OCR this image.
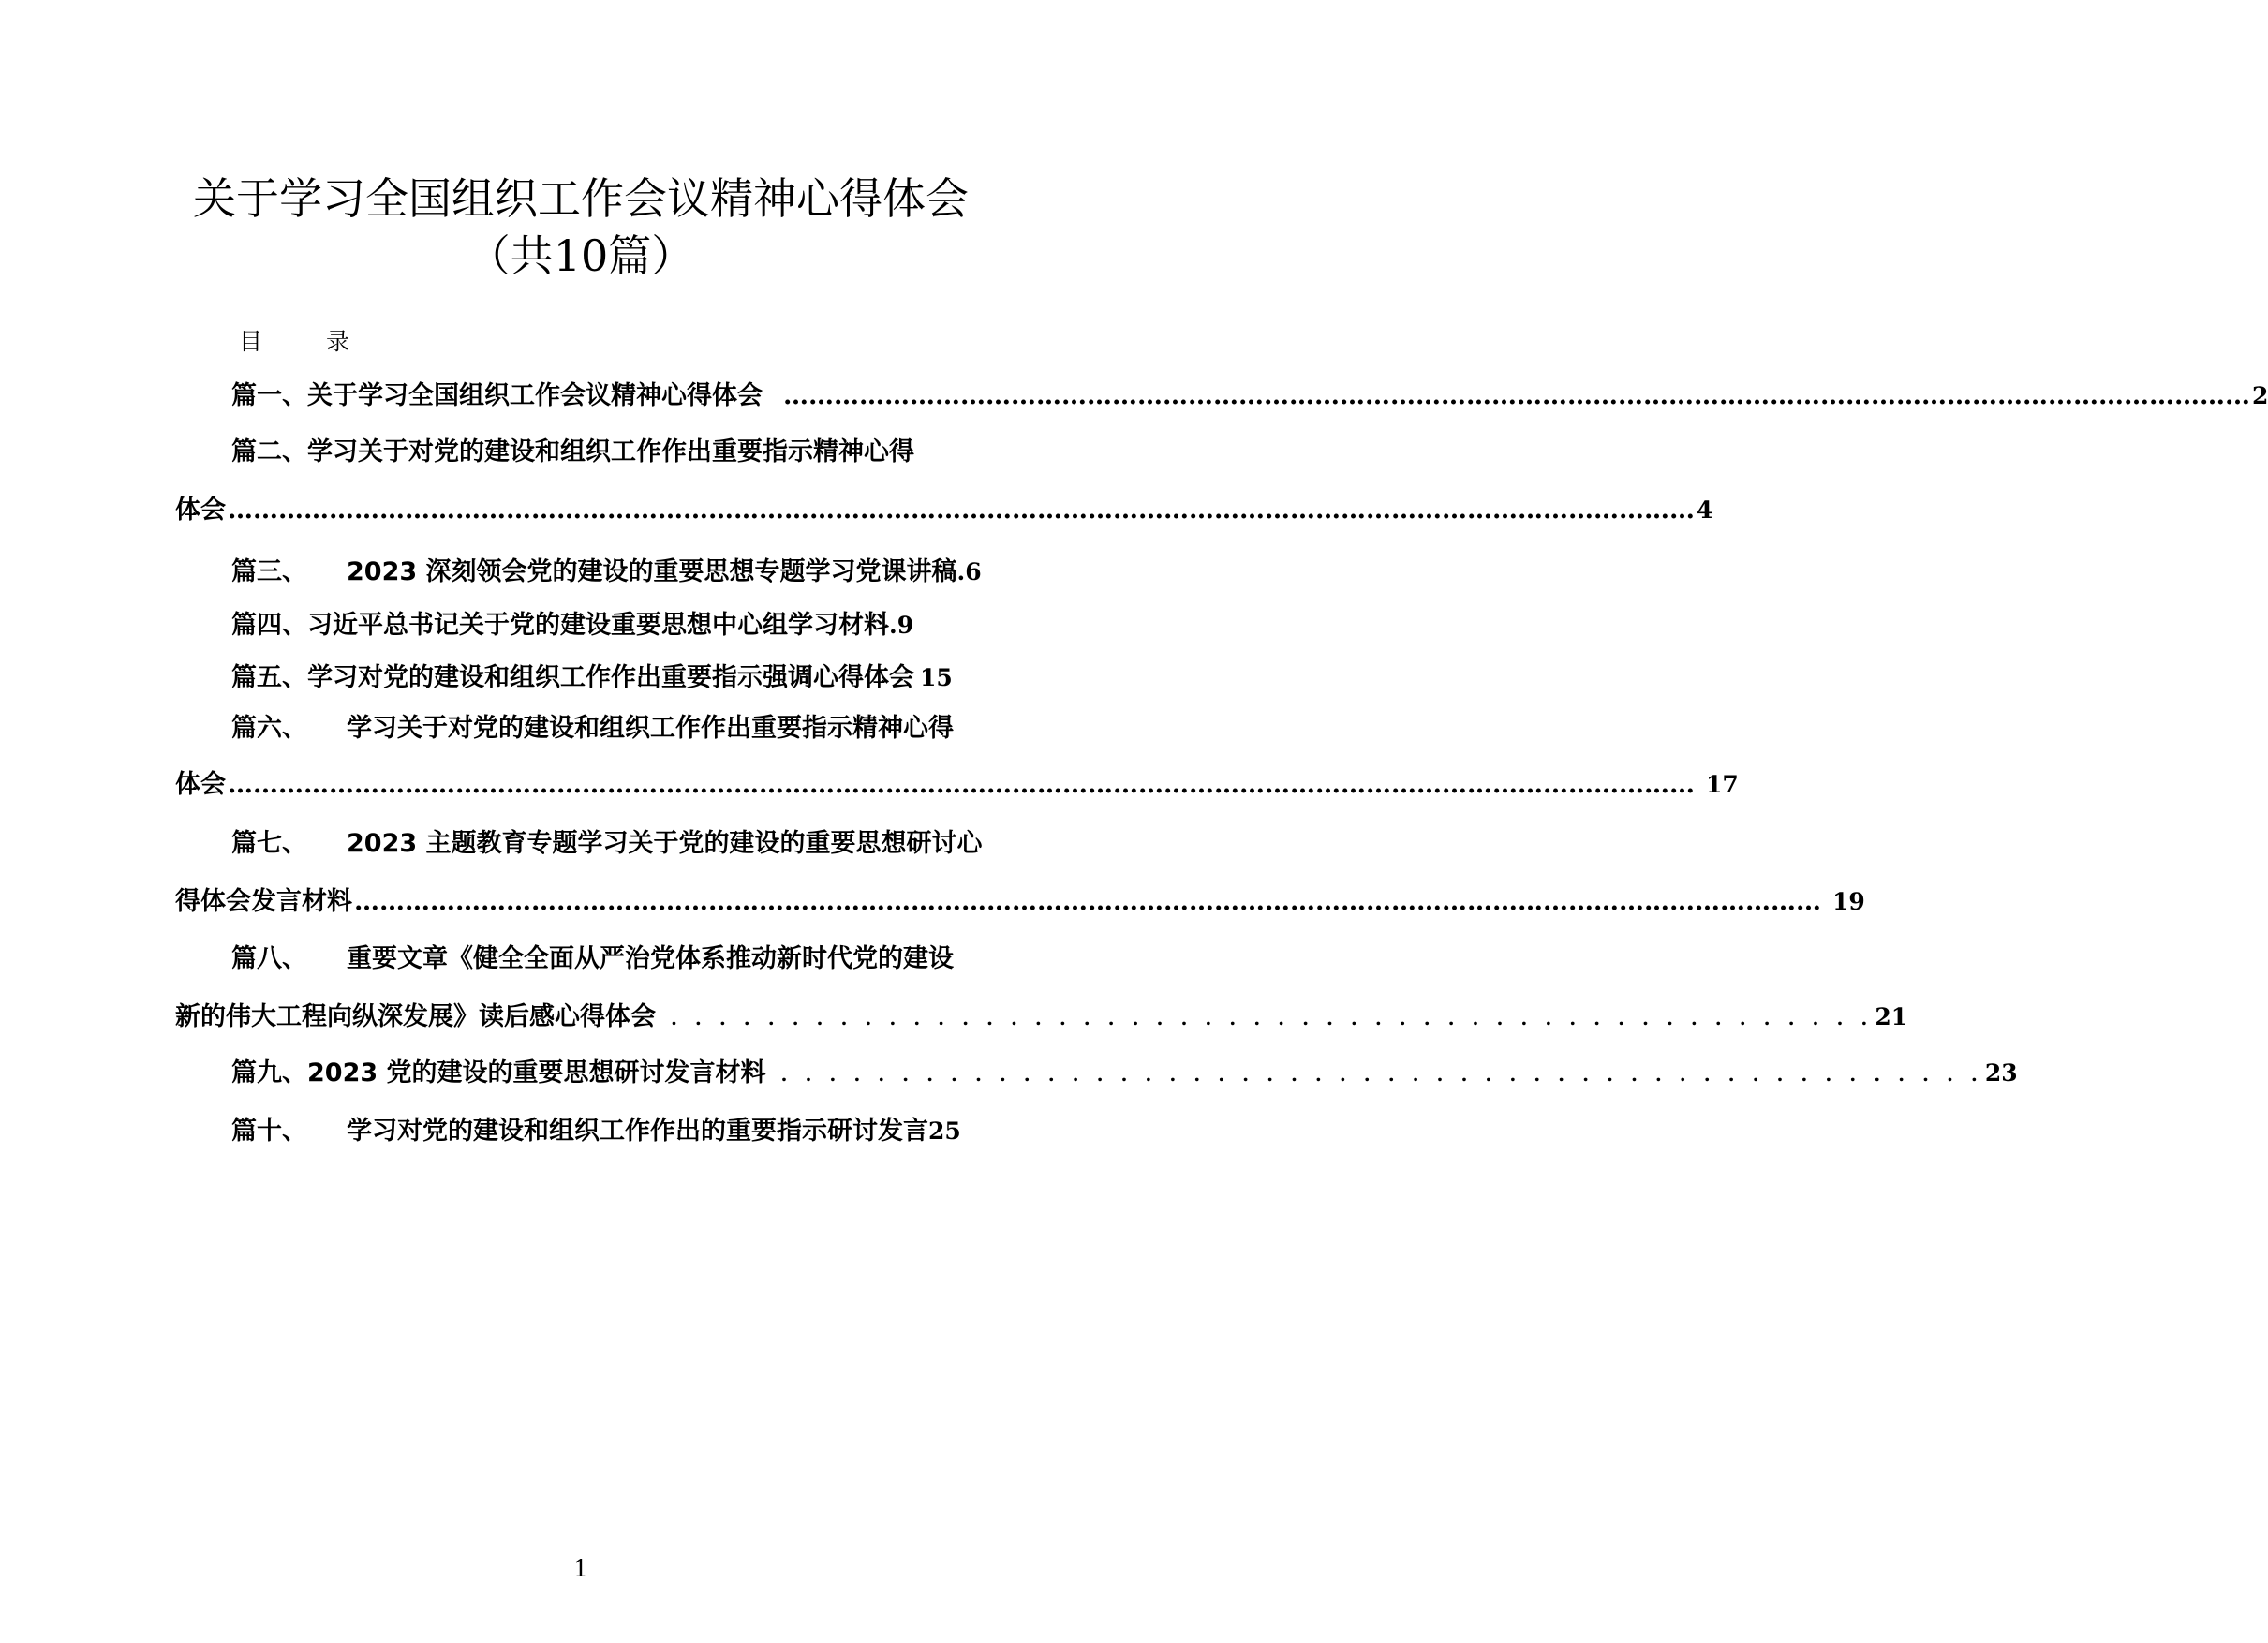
关于学习全国组织工作会议精神心得体会
（共10篇）
目 录
篇一、 关于学习全国组织工作会议精神心得体会 ………………………………………………………………………………………………………………………………………………………… 2
篇二、 学习关于对党的建设和组织工作作出重要指示精神心得
体会 ………………………………………………………………………………………………………………………………………………………… 4
篇三、 2023 深刻领会党的建设的重要思想专题学习党课讲稿 .6
篇四、 习近平总书记关于党的建设重要思想中心组学习材料 .9
篇五、 学习对党的建设和组织工作作出重要指示强调心得体会 15
篇六、 学习关于对党的建设和组织工作作出重要指示精神心得
体会 ………………………………………………………………………………………………………………………………………………………… 17
篇七、 2023 主题教育专题学习关于党的建设的重要思想研讨心
得体会发言材料 ………………………………………………………………………………………………………………………………………………………… 19
篇八、 重要文章《健全全面从严治党体系推动新时代党的建设
新的伟大工程向纵深发展》读后感心得体会 . . . . . . . . . . . . . . . . . . . . . . . . . . . . . . . . . . . . . . . . . . . . . . . . . . 21
篇九、 2023 党的建设的重要思想研讨发言材料 . . . . . . . . . . . . . . . . . . . . . . . . . . . . . . . . . . . . . . . . . . . . . . . . . . 23
篇十、 学习对党的建设和组织工作作出的重要指示研讨发言 25
1
